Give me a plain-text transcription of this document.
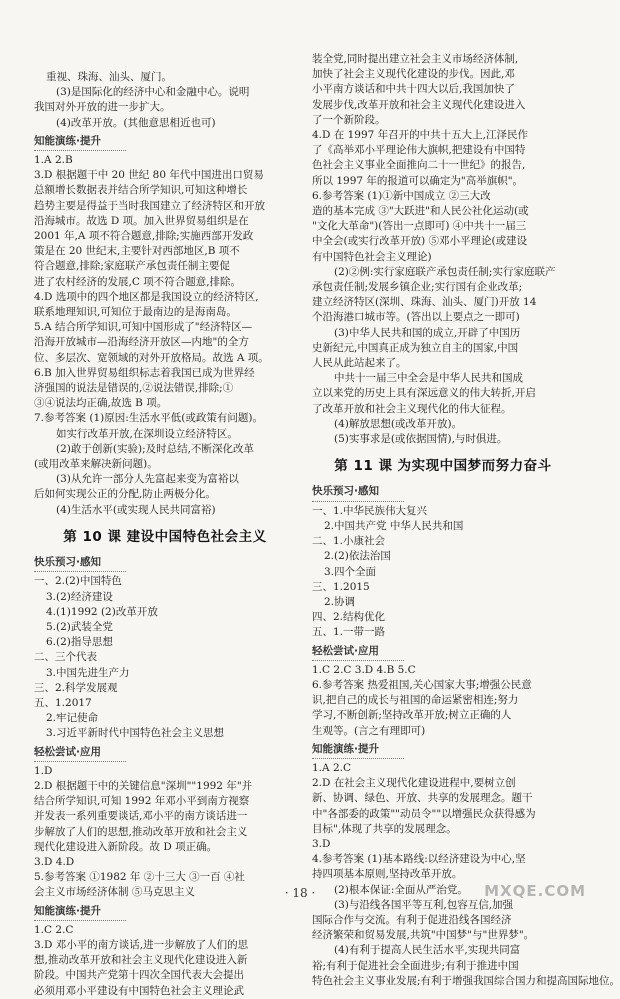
重视、珠海、汕头、厦门。
(3)是国际化的经济中心和金融中心。说明
我国对外开放的进一步扩大。
(4)改革开放。(其他意思相近也可)
知能演练·提升
1.A 2.B
3.D 根据题干中 20 世纪 80 年代中国进出口贸易
总额增长数据表并结合所学知识,可知这种增长
趋势主要是得益于当时我国建立了经济特区和开放
沿海城市。故选 D 项。加入世界贸易组织是在
2001 年,A 项不符合题意,排除;实施西部开发政
策是在 20 世纪末,主要针对西部地区,B 项不
符合题意,排除;家庭联产承包责任制主要促
进了农村经济的发展,C 项不符合题意,排除。
4.D 选项中的四个地区都是我国设立的经济特区,
联系地理知识,可知位于最南边的是海南岛。
5.A 结合所学知识,可知中国形成了"经济特区—
沿海开放城市—沿海经济开放区—内地"的全方
位、多层次、宽领域的对外开放格局。故选 A 项。
6.B 加入世界贸易组织标志着我国已成为世界经
济强国的说法是错误的,②说法错误,排除;①
③④说法均正确,故选 B 项。
7.参考答案 (1)原因:生活水平低(或政策有问题)。
如实行改革开放,在深圳设立经济特区。
(2)敢于创新(实验);及时总结,不断深化改革
(或用改革来解决新问题)。
(3)从允许一部分人先富起来变为富裕以
后如何实现公正的分配,防止两极分化。
(4)生活水平(或实现人民共同富裕)
第 10 课 建设中国特色社会主义
快乐预习·感知
一、2.(2)中国特色
3.(2)经济建设
4.(1)1992 (2)改革开放
5.(2)武装全党
6.(2)指导思想
二、三个代表
3.中国先进生产力
三、2.科学发展观
五、1.2017
2.牢记使命
3.习近平新时代中国特色社会主义思想
轻松尝试·应用
1.D
2.D 根据题干中的关键信息"深圳""1992 年"并
结合所学知识,可知 1992 年邓小平到南方视察
并发表一系列重要谈话,邓小平的南方谈话进一
步解放了人们的思想,推动改革开放和社会主义
现代化建设进入新阶段。故 D 项正确。
3.D 4.D
5.参考答案 ①1982 年 ②十三大 ③一百 ④社
会主义市场经济体制 ⑤马克思主义
知能演练·提升
1.C 2.C
3.D 邓小平的南方谈话,进一步解放了人们的思
想,推动改革开放和社会主义现代化建设进入新
阶段。中国共产党第十四次全国代表大会提出
必须用邓小平建设有中国特色社会主义理论武
装全党,同时提出建立社会主义市场经济体制,
加快了社会主义现代化建设的步伐。因此,邓
小平南方谈话和中共十四大以后,我国加快了
发展步伐,改革开放和社会主义现代化建设进入
了一个新阶段。
4.D 在 1997 年召开的中共十五大上,江泽民作
了《高举邓小平理论伟大旗帜,把建设有中国特
色社会主义事业全面推向二十一世纪》的报告,
所以 1997 年的报道可以确定为"高举旗帜"。
6.参考答案 (1)①新中国成立 ②三大改
造的基本完成 ③"大跃进"和人民公社化运动(或
"文化大革命")(答出一点即可) ④中共十一届三
中全会(或实行改革开放) ⑤邓小平理论(或建设
有中国特色社会主义理论)
(2)②例:实行家庭联产承包责任制;实行家庭联产
承包责任制;发展乡镇企业;实行国有企业改革;
建立经济特区(深圳、珠海、汕头、厦门)开放 14
个沿海港口城市等。(答出以上要点之一即可)
(3)中华人民共和国的成立,开辟了中国历
史新纪元,中国真正成为独立自主的国家,中国
人民从此站起来了。
中共十一届三中全会是中华人民共和国成
立以来党的历史上具有深远意义的伟大转折,开启
了改革开放和社会主义现代化的伟大征程。
(4)解放思想(或改革开放)。
(5)实事求是(或依据国情),与时俱进。
第 11 课 为实现中国梦而努力奋斗
快乐预习·感知
一、1.中华民族伟大复兴
2.中国共产党 中华人民共和国
二、1.小康社会
2.(2)依法治国
3.四个全面
三、1.2015
2.协调
四、2.结构优化
五、1.一带一路
轻松尝试·应用
1.C 2.C 3.D 4.B 5.C
6.参考答案 热爱祖国,关心国家大事;增强公民意
识,把自己的成长与祖国的命运紧密相连;努力
学习,不断创新;坚持改革开放;树立正确的人
生观等。(言之有理即可)
知能演练·提升
1.A 2.C
2.D 在社会主义现代化建设进程中,要树立创
新、协调、绿色、开放、共享的发展理念。题干
中"各部委的政策""动员令""以增强民众获得感为
目标",体现了共享的发展理念。
3.D
4.参考答案 (1)基本路线:以经济建设为中心,坚
持四项基本原则,坚持改革开放。
(2)根本保证:全面从严治党。
(3)与沿线各国平等互利,包容互信,加强
国际合作与交流。有利于促进沿线各国经济
经济繁荣和贸易发展,共筑"中国梦"与"世界梦"。
(4)有利于提高人民生活水平,实现共同富
裕;有利于促进社会全面进步;有利于推进中国
特色社会主义事业发展;有利于增强我国综合国力和提高国际地位。
· 18 ·	MXQE.COM
